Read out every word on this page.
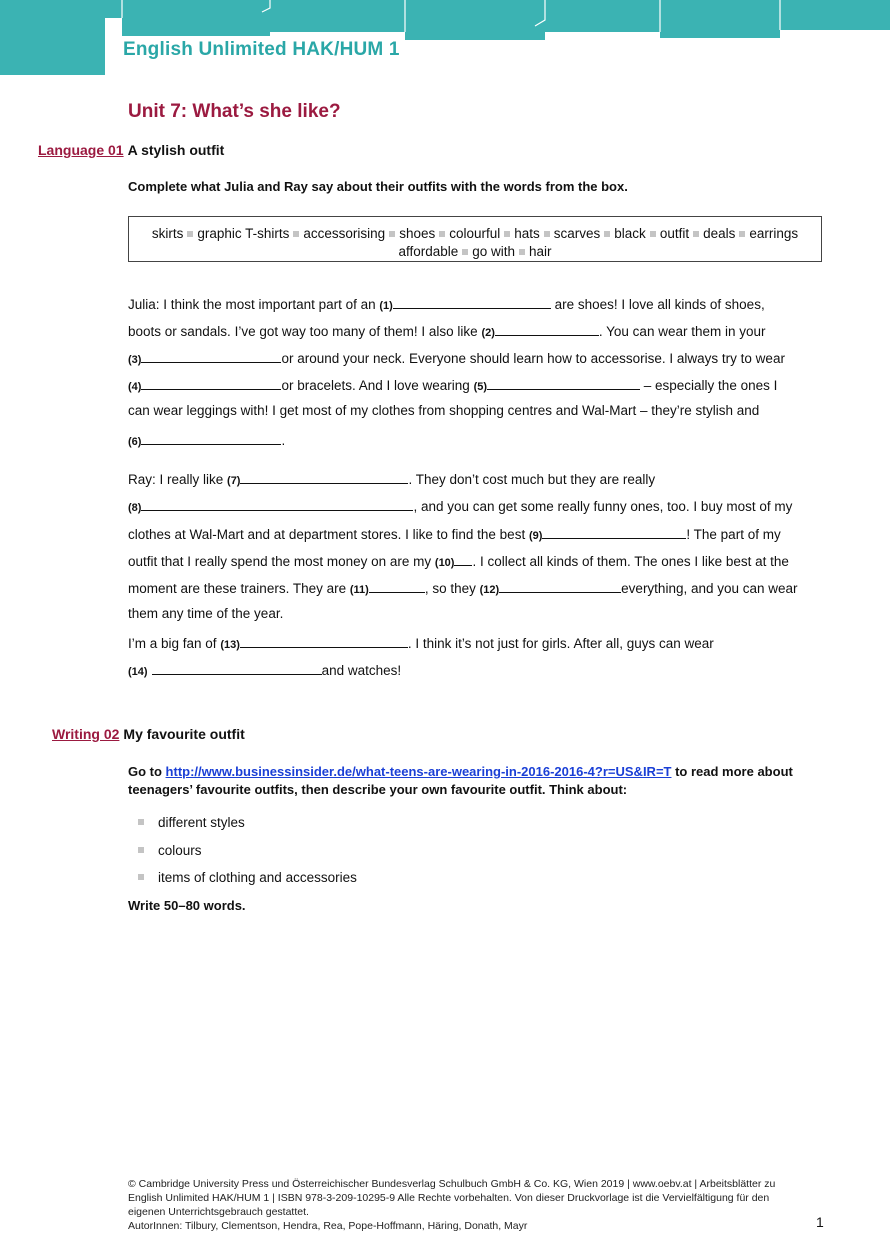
English Unlimited HAK/HUM 1
Unit 7: What’s she like?
Language 01 A stylish outfit

Complete what Julia and Ray say about their outfits with the words from the box.

skirts graphic T-shirts accessorising shoes colourful hats scarves black outfit deals earrings
affordable go with hair
Julia: I think the most important part of an (1)	are shoes! I love all kinds of shoes,
boots or sandals. I’ve got way too many of them! I also like (2)	. You can wear them in your
(3)	or around your neck. Everyone should learn how to accessorise. I always try to wear
(4)	or bracelets. And I love wearing (5)	– especially the ones I
can wear leggings with! I get most of my clothes from shopping centres and Wal-Mart – they’re stylish and
(6)	.
Ray: I really like (7)	. They don’t cost much but they are really
(8)	, and you can get some really funny ones, too. I buy most of my
clothes at Wal-Mart and at department stores. I like to find the best (9)	! The part of my
outfit that I really spend the most money on are my (10) . I collect all kinds of them. The ones I like best at the
moment are these trainers. They are (11)	, so they (12)	everything, and you can wear
them any time of the year.
I’m a big fan of (13)	. I think it’s not just for girls. After all, guys can wear
(14)	and watches!
Writing 02 My favourite outfit

Go to http://www.businessinsider.de/what-teens-are-wearing-in-2016-2016-4?r=US&IR=T to read more about teenagers’ favourite outfits, then describe your own favourite outfit. Think about:

different styles
colours
items of clothing and accessories

Write 50–80 words.

© Cambridge University Press und Österreichischer Bundesverlag Schulbuch GmbH & Co. KG, Wien 2019 | www.oebv.at | Arbeitsblätter zu English Unlimited HAK/HUM 1 | ISBN 978-3-209-10295-9 Alle Rechte vorbehalten. Von dieser Druckvorlage ist die Vervielfältigung für den eigenen Unterrichtsgebrauch gestattet.
AutorInnen: Tilbury, Clementson, Hendra, Rea, Pope-Hoffmann, Häring, Donath, Mayr	1
